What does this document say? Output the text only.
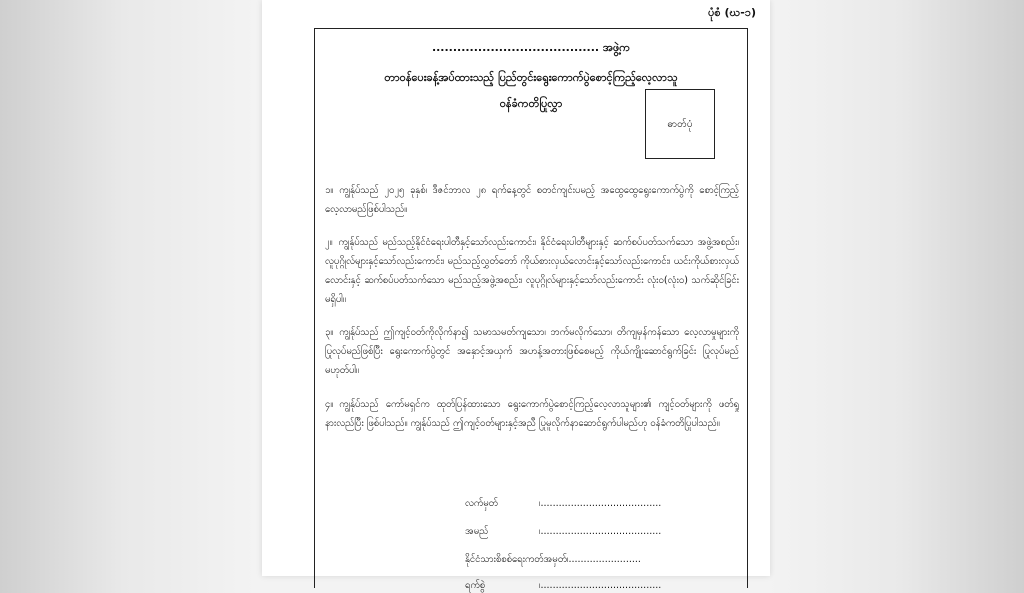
ပုံစံ (ဃ-၁)
........................................ အဖွဲ့က
တာဝန်ပေးခန့်အပ်ထားသည့် ပြည်တွင်းရွေးကောက်ပွဲစောင့်ကြည့်လေ့လာသူ
ဝန်ခံကတိပြုလွှာ
ဓာတ်ပုံ
၁။ ကျွန်ုပ်သည် ၂၀၂၅ ခုနှစ်၊ ဒီဇင်ဘာလ ၂၈ ရက်နေ့တွင် စတင်ကျင်းပမည့် အထွေထွေရွေးကောက်ပွဲကို စောင့်ကြည့်လေ့လာမည်ဖြစ်ပါသည်။
၂။ ကျွန်ုပ်သည် မည်သည့်နိုင်ငံရေးပါတီနှင့်သော်လည်းကောင်း၊ နိုင်ငံရေးပါတီများနှင့် ဆက်စပ်ပတ်သက်သော အဖွဲ့အစည်း၊ လူပုဂ္ဂိုလ်များနှင့်သော်လည်းကောင်း၊ မည်သည့်လွှတ်တော် ကိုယ်စားလှယ်လောင်းနှင့်သော်လည်းကောင်း၊ ယင်းကိုယ်စားလှယ်လောင်းနှင့် ဆက်စပ်ပတ်သက်သော မည်သည့်အဖွဲ့အစည်း၊ လူပုဂ္ဂိုလ်များနှင့်သော်လည်းကောင်း လုံး၀(လုံး၀) သက်ဆိုင်ခြင်း မရှိပါ။
၃။ ကျွန်ုပ်သည် ဤကျင့်ဝတ်ကိုလိုက်နာ၍ သမာသမတ်ကျသော၊ ဘက်မလိုက်သော၊ တိကျမှန်ကန်သော လေ့လာမှုများကိုပြုလုပ်မည်ဖြစ်ပြီး ရွေးကောက်ပွဲတွင် အနှောင့်အယှက် အဟန့်အတားဖြစ်စေမည့် ကိုယ်ကျိုးဆောင်ရွက်ခြင်း ပြုလုပ်မည်မဟုတ်ပါ။
၄။ ကျွန်ုပ်သည် ကော်မရှင်က ထုတ်ပြန်ထားသော ရွေးကောက်ပွဲစောင့်ကြည့်လေ့လာသူများ၏ ကျင့်ဝတ်များကို ဖတ်ရှုနားလည်ပြီး ဖြစ်ပါသည်။ ကျွန်ုပ်သည် ဤကျင့်ဝတ်များနှင့်အညီ ပြုမူလိုက်နာဆောင်ရွက်ပါမည်ဟု ဝန်ခံကတိပြုပါသည်။
လက်မှတ်	၊........................................
အမည်	၊........................................
နိုင်ငံသားစိစစ်ရေးကတ်အမှတ် ၊........................
ရက်စွဲ	၊........................................
